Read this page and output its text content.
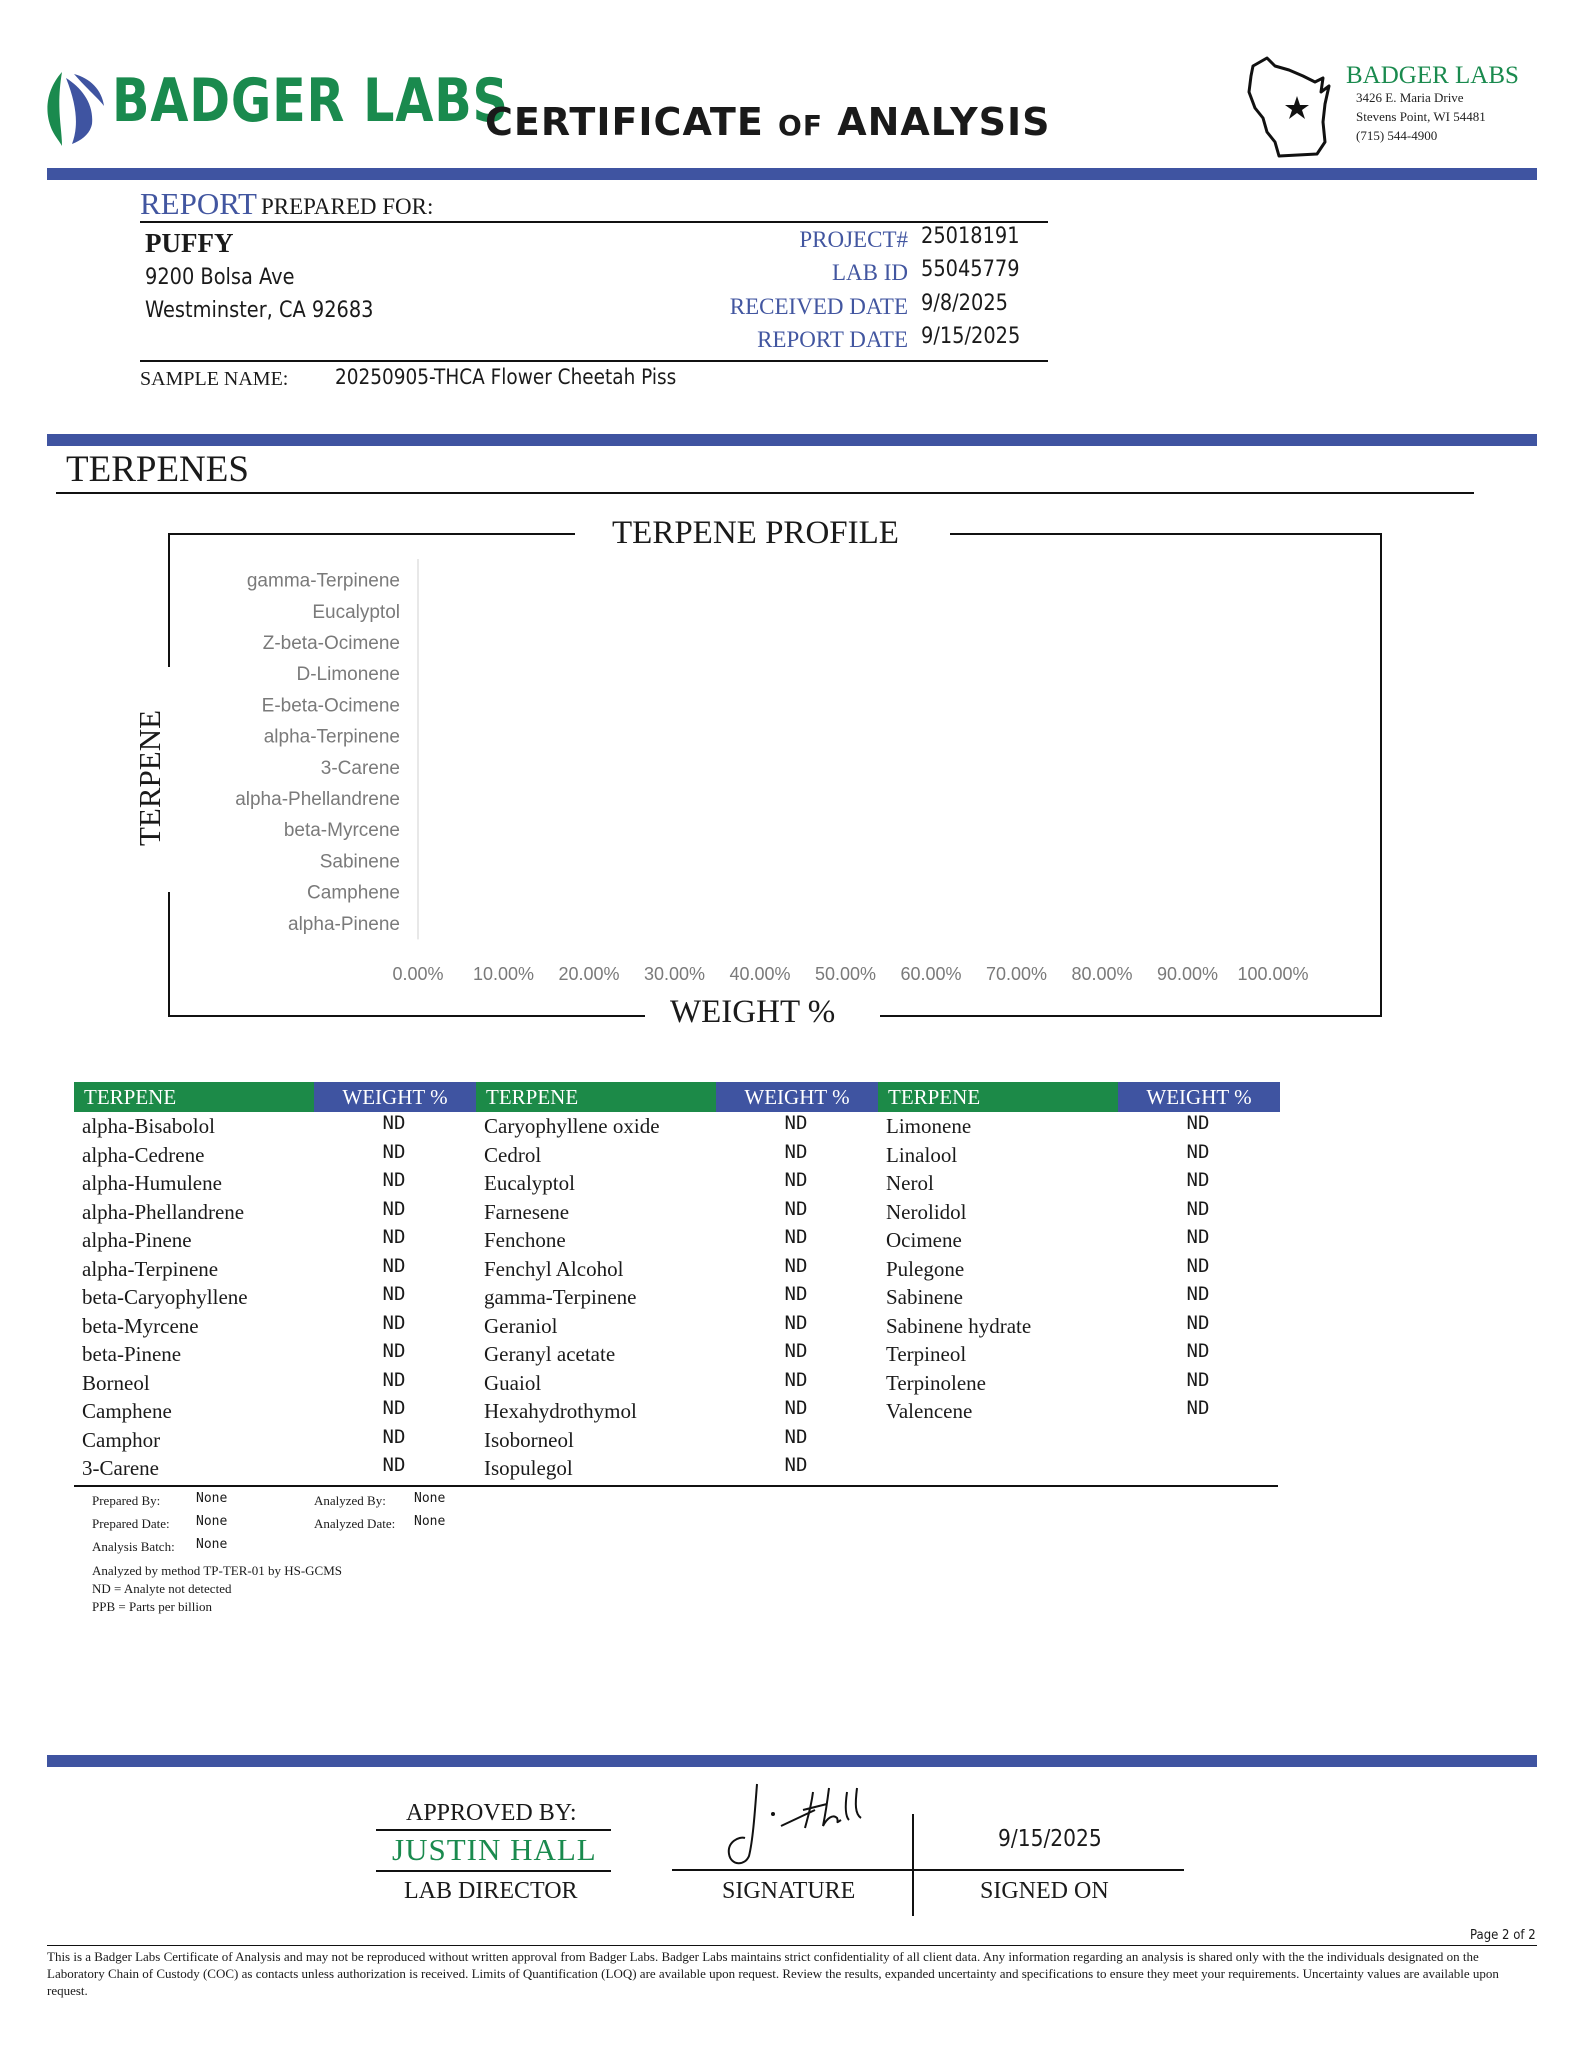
BADGER LABS
CERTIFICATE OF ANALYSIS
BADGER LABS
3426 E. Maria Drive
Stevens Point, WI 54481
(715) 544-4900
REPORT PREPARED FOR:
PUFFY
9200 Bolsa Ave
Westminster, CA 92683
PROJECT# 25018191
LAB ID 55045779
RECEIVED DATE 9/8/2025
REPORT DATE 9/15/2025
SAMPLE NAME: 20250905-THCA Flower Cheetah Piss
TERPENES
TERPENE PROFILE
WEIGHT %
TERPENE
gamma-Terpinene
Eucalyptol
Z-beta-Ocimene
D-Limonene
E-beta-Ocimene
alpha-Terpinene
3-Carene
alpha-Phellandrene
beta-Myrcene
Sabinene
Camphene
alpha-Pinene
0.00% 10.00% 20.00% 30.00% 40.00% 50.00% 60.00% 70.00% 80.00% 90.00% 100.00%
TERPENE	WEIGHT %
alpha-Bisabolol	ND
alpha-Cedrene	ND
alpha-Humulene	ND
alpha-Phellandrene	ND
alpha-Pinene	ND
alpha-Terpinene	ND
beta-Caryophyllene	ND
beta-Myrcene	ND
beta-Pinene	ND
Borneol	ND
Camphene	ND
Camphor	ND
3-Carene	ND
TERPENE	WEIGHT %
Caryophyllene oxide	ND
Cedrol	ND
Eucalyptol	ND
Farnesene	ND
Fenchone	ND
Fenchyl Alcohol	ND
gamma-Terpinene	ND
Geraniol	ND
Geranyl acetate	ND
Guaiol	ND
Hexahydrothymol	ND
Isoborneol	ND
Isopulegol	ND
TERPENE	WEIGHT %
Limonene	ND
Linalool	ND
Nerol	ND
Nerolidol	ND
Ocimene	ND
Pulegone	ND
Sabinene	ND
Sabinene hydrate	ND
Terpineol	ND
Terpinolene	ND
Valencene	ND
Prepared By:	None
Prepared Date: None
Analysis Batch: None
Analyzed By: None
Analyzed Date: None
Analyzed by method TP-TER-01 by HS-GCMS
ND = Analyte not detected
PPB = Parts per billion
APPROVED BY:
JUSTIN HALL
LAB DIRECTOR	SIGNATURE
9/15/2025
SIGNED ON
Page 2 of 2
This is a Badger Labs Certificate of Analysis and may not be reproduced without written approval from Badger Labs. Badger Labs maintains strict confidentiality of all client data. Any information regarding an analysis is shared only with the the individuals designated on the Laboratory Chain of Custody (COC) as contacts unless authorization is received. Limits of Quantification (LOQ) are available upon request. Review the results, expanded uncertainty and specifications to ensure they meet your requirements. Uncertainty values are available upon request.
